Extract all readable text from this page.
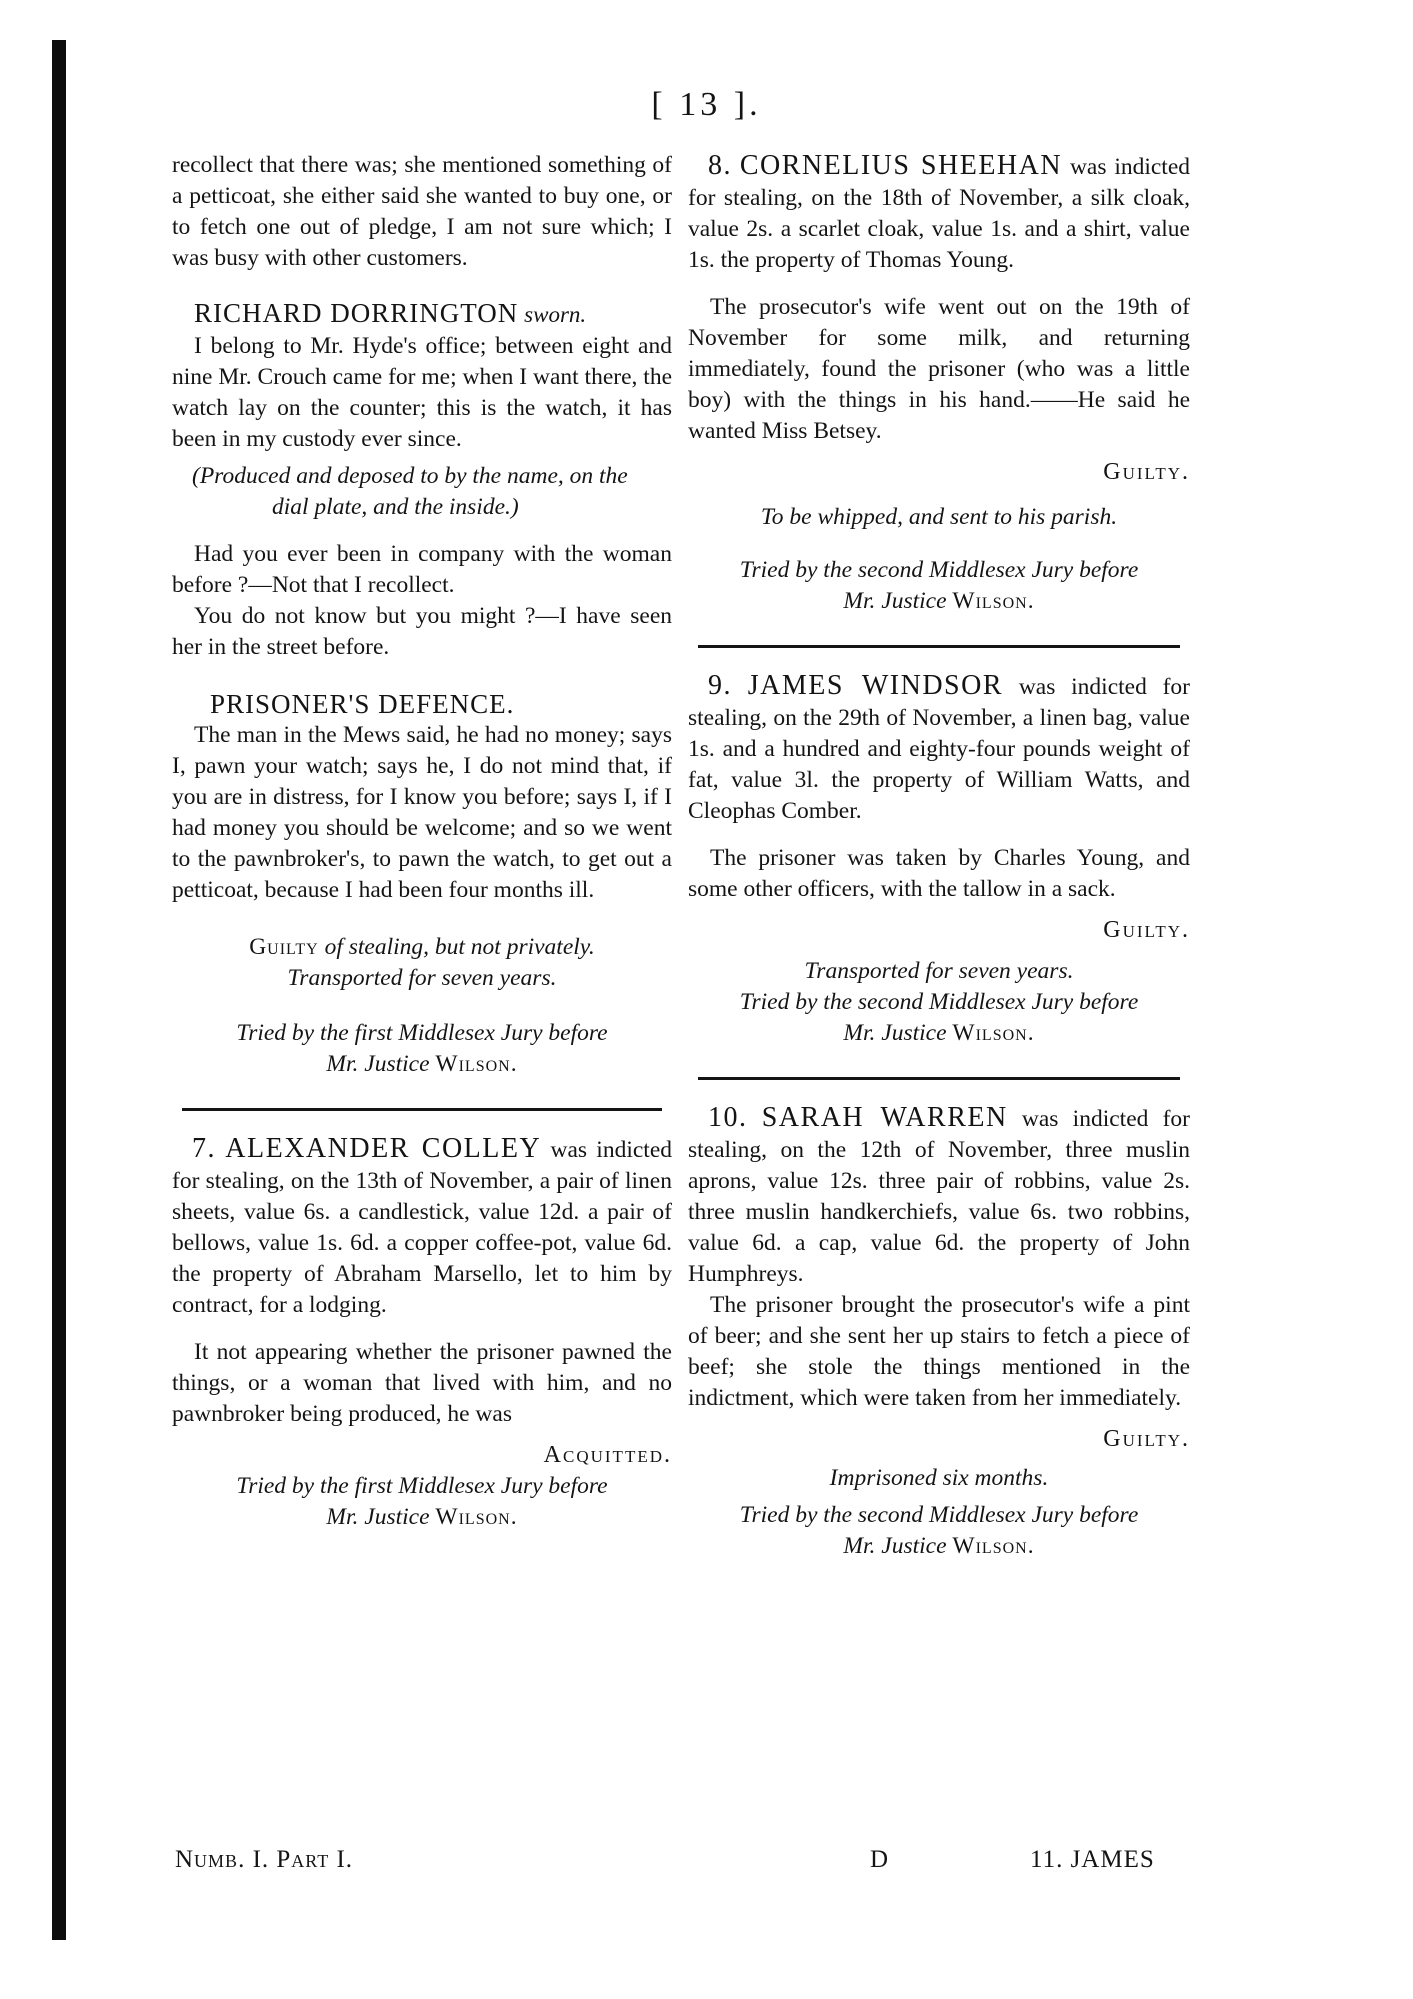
[ 13 ].

recollect that there was; she mentioned something of a petticoat, she either said she wanted to buy one, or to fetch one out of pledge, I am not sure which; I was busy with other customers.

RICHARD DORRINGTON sworn.

I belong to Mr. Hyde's office; between eight and nine Mr. Crouch came for me; when I want there, the watch lay on the counter; this is the watch, it has been in my custody ever since.

(Produced and deposed to by the name, on the
dial plate, and the inside.)

Had you ever been in company with the woman before ?—Not that I recollect.

You do not know but you might ?—I have seen her in the street before.

PRISONER'S DEFENCE.

The man in the Mews said, he had no money; says I, pawn your watch; says he, I do not mind that, if you are in distress, for I know you before; says I, if I had money you should be welcome; and so we went to the pawnbroker's, to pawn the watch, to get out a petticoat, because I had been four months ill.

Guilty of stealing, but not privately.

Transported for seven years.

Tried by the first Middlesex Jury before

Mr. Justice Wilson.

7. ALEXANDER COLLEY was indicted for stealing, on the 13th of November, a pair of linen sheets, value 6s. a candlestick, value 12d. a pair of bellows, value 1s. 6d. a copper coffee-pot, value 6d. the property of Abraham Marsello, let to him by contract, for a lodging.

It not appearing whether the prisoner pawned the things, or a woman that lived with him, and no pawnbroker being produced, he was

Acquitted.

Tried by the first Middlesex Jury before

Mr. Justice Wilson.

8. CORNELIUS SHEEHAN was indicted for stealing, on the 18th of November, a silk cloak, value 2s. a scarlet cloak, value 1s. and a shirt, value 1s. the property of Thomas Young.

The prosecutor's wife went out on the 19th of November for some milk, and returning immediately, found the prisoner (who was a little boy) with the things in his hand.——He said he wanted Miss Betsey.

Guilty.

To be whipped, and sent to his parish.

Tried by the second Middlesex Jury before

Mr. Justice Wilson.

9. JAMES WINDSOR was indicted for stealing, on the 29th of November, a linen bag, value 1s. and a hundred and eighty-four pounds weight of fat, value 3l. the property of William Watts, and Cleophas Comber.

The prisoner was taken by Charles Young, and some other officers, with the tallow in a sack.

Guilty.

Transported for seven years.

Tried by the second Middlesex Jury before

Mr. Justice Wilson.

10. SARAH WARREN was indicted for stealing, on the 12th of November, three muslin aprons, value 12s. three pair of robbins, value 2s. three muslin handkerchiefs, value 6s. two robbins, value 6d. a cap, value 6d. the property of John Humphreys.

The prisoner brought the prosecutor's wife a pint of beer; and she sent her up stairs to fetch a piece of beef; she stole the things mentioned in the indictment, which were taken from her immediately.

Guilty.

Imprisoned six months.

Tried by the second Middlesex Jury before

Mr. Justice Wilson.

Numb. I. Part I.	D	11. JAMES
